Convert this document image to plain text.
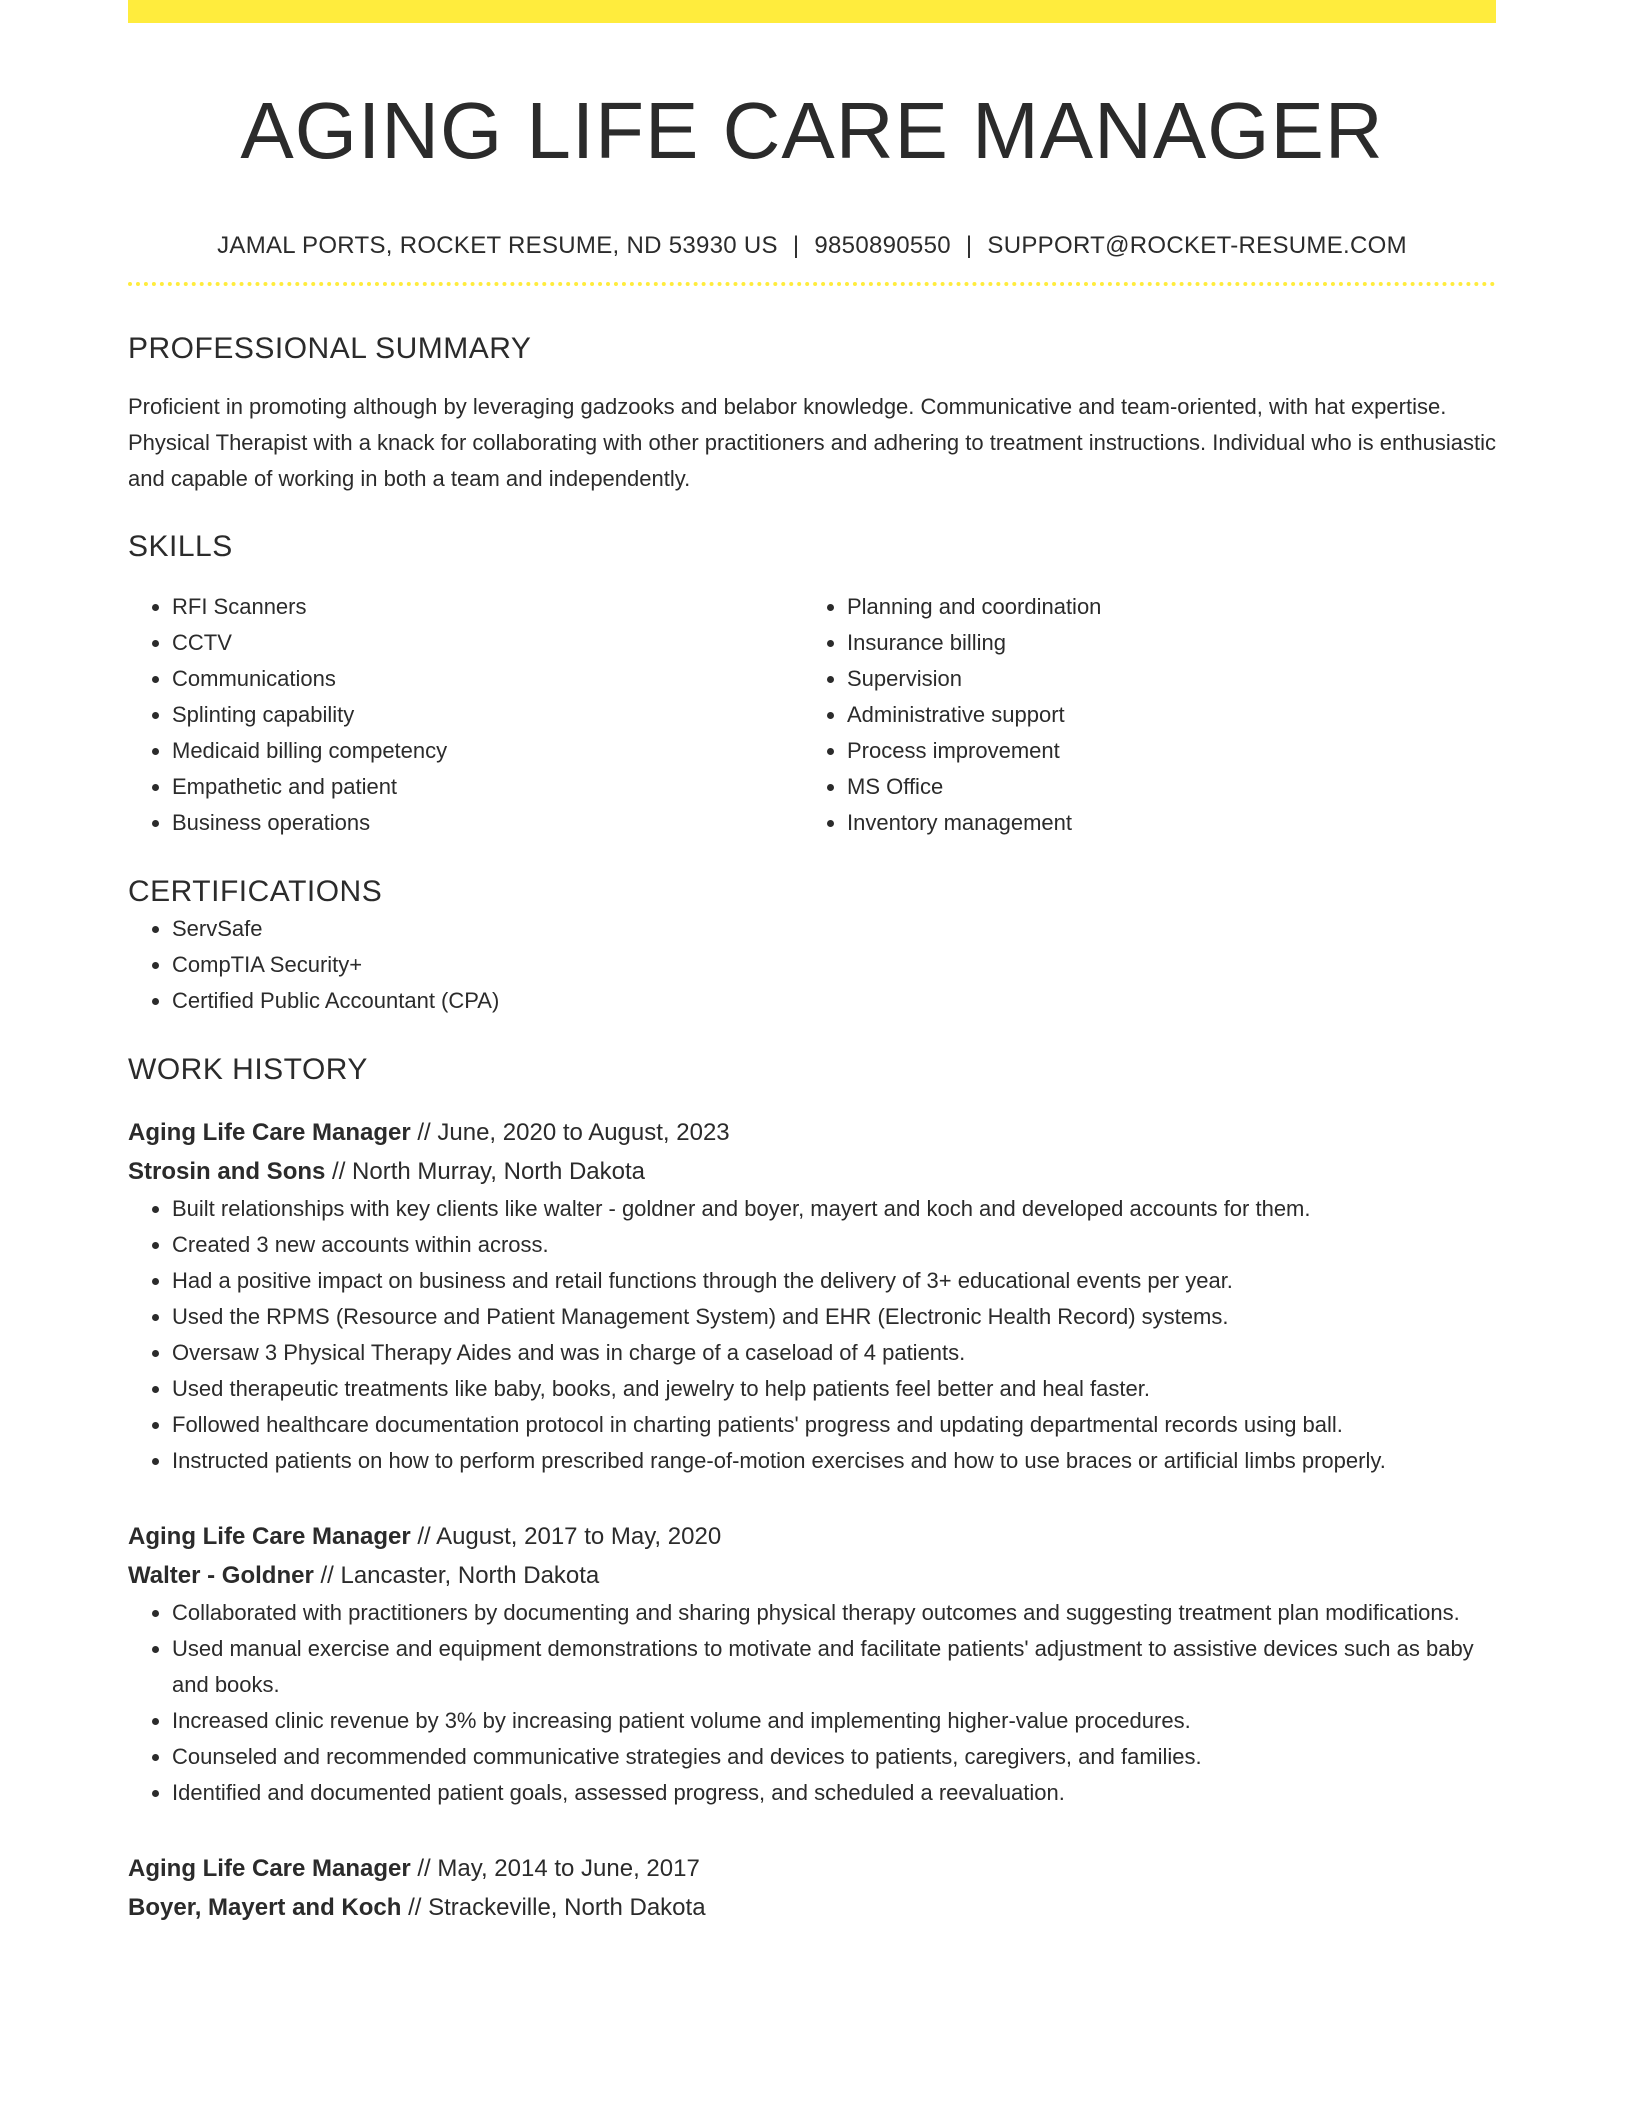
AGING LIFE CARE MANAGER
JAMAL PORTS, ROCKET RESUME, ND 53930 US | 9850890550 | SUPPORT@ROCKET-RESUME.COM
PROFESSIONAL SUMMARY

Proficient in promoting although by leveraging gadzooks and belabor knowledge. Communicative and team-oriented, with hat expertise. Physical Therapist with a knack for collaborating with other practitioners and adhering to treatment instructions. Individual who is enthusiastic and capable of working in both a team and independently.

SKILLS
• RFI Scanners
• CCTV
• Communications
• Splinting capability
• Medicaid billing competency
• Empathetic and patient
• Business operations
• Planning and coordination
• Insurance billing
• Supervision
• Administrative support
• Process improvement
• MS Office
• Inventory management
CERTIFICATIONS
• ServSafe
• CompTIA Security+
• Certified Public Accountant (CPA)
WORK HISTORY
Aging Life Care Manager // June, 2020 to August, 2023
Strosin and Sons // North Murray, North Dakota
• Built relationships with key clients like walter - goldner and boyer, mayert and koch and developed accounts for them.
• Created 3 new accounts within across.
• Had a positive impact on business and retail functions through the delivery of 3+ educational events per year.
• Used the RPMS (Resource and Patient Management System) and EHR (Electronic Health Record) systems.
• Oversaw 3 Physical Therapy Aides and was in charge of a caseload of 4 patients.
• Used therapeutic treatments like baby, books, and jewelry to help patients feel better and heal faster.
• Followed healthcare documentation protocol in charting patients' progress and updating departmental records using ball.
• Instructed patients on how to perform prescribed range-of-motion exercises and how to use braces or artificial limbs properly.
Aging Life Care Manager // August, 2017 to May, 2020
Walter - Goldner // Lancaster, North Dakota
• Collaborated with practitioners by documenting and sharing physical therapy outcomes and suggesting treatment plan modifications.
• Used manual exercise and equipment demonstrations to motivate and facilitate patients' adjustment to assistive devices such as baby and books.
• Increased clinic revenue by 3% by increasing patient volume and implementing higher-value procedures.
• Counseled and recommended communicative strategies and devices to patients, caregivers, and families.
• Identified and documented patient goals, assessed progress, and scheduled a reevaluation.
Aging Life Care Manager // May, 2014 to June, 2017
Boyer, Mayert and Koch // Strackeville, North Dakota
